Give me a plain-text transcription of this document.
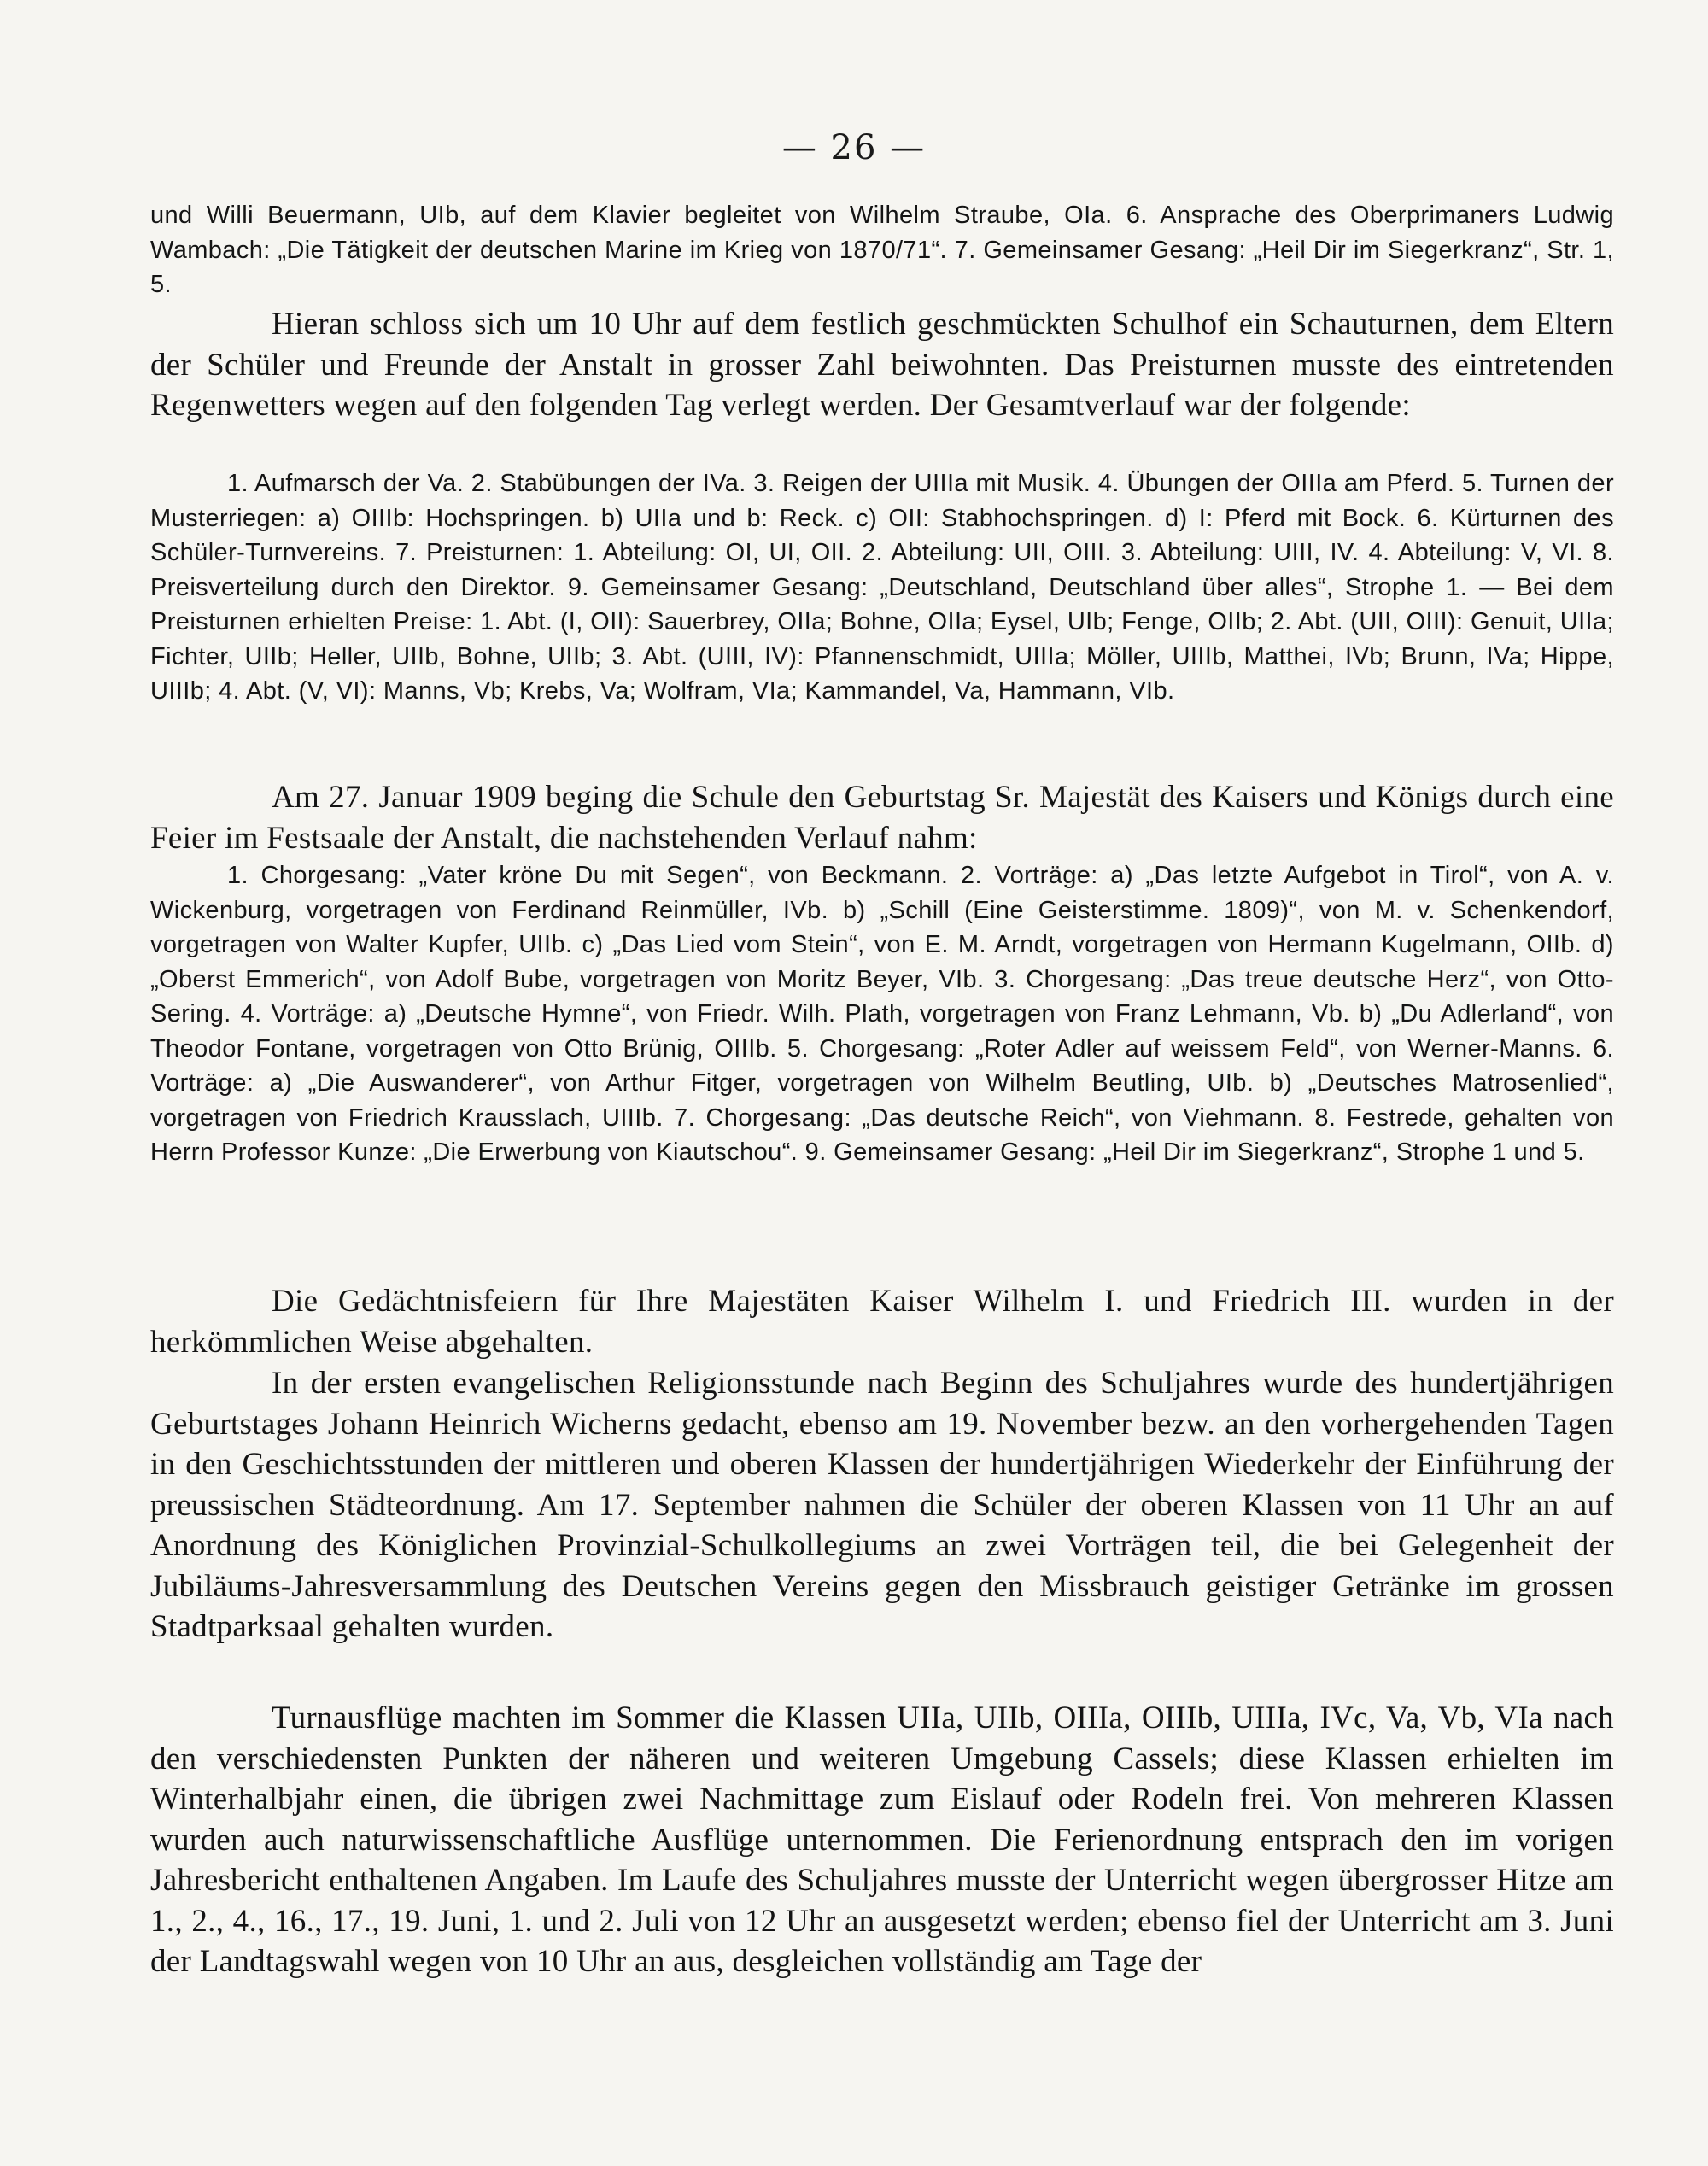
— 26 —

und Willi Beuermann, UIb, auf dem Klavier begleitet von Wilhelm Straube, OIa. 6. Ansprache des Oberprimaners Ludwig Wambach: „Die Tätigkeit der deutschen Marine im Krieg von 1870/71“. 7. Gemeinsamer Gesang: „Heil Dir im Siegerkranz“, Str. 1, 5.

Hieran schloss sich um 10 Uhr auf dem festlich geschmückten Schulhof ein Schauturnen, dem Eltern der Schüler und Freunde der Anstalt in grosser Zahl beiwohnten. Das Preisturnen musste des eintretenden Regenwetters wegen auf den folgenden Tag verlegt werden. Der Gesamtverlauf war der folgende:

1. Aufmarsch der Va. 2. Stabübungen der IVa. 3. Reigen der UIIIa mit Musik. 4. Übungen der OIIIa am Pferd. 5. Turnen der Musterriegen: a) OIIIb: Hochspringen. b) UIIa und b: Reck. c) OII: Stabhochspringen. d) I: Pferd mit Bock. 6. Kürturnen des Schüler-Turnvereins. 7. Preisturnen: 1. Abteilung: OI, UI, OII. 2. Abteilung: UII, OIII. 3. Abteilung: UIII, IV. 4. Abteilung: V, VI. 8. Preisverteilung durch den Direktor. 9. Gemeinsamer Gesang: „Deutschland, Deutschland über alles“, Strophe 1. — Bei dem Preisturnen erhielten Preise: 1. Abt. (I, OII): Sauerbrey, OIIa; Bohne, OIIa; Eysel, UIb; Fenge, OIIb; 2. Abt. (UII, OIII): Genuit, UIIa; Fichter, UIIb; Heller, UIIb, Bohne, UIIb; 3. Abt. (UIII, IV): Pfannenschmidt, UIIIa; Möller, UIIIb, Matthei, IVb; Brunn, IVa; Hippe, UIIIb; 4. Abt. (V, VI): Manns, Vb; Krebs, Va; Wolfram, VIa; Kammandel, Va, Hammann, VIb.

Am 27. Januar 1909 beging die Schule den Geburtstag Sr. Majestät des Kaisers und Königs durch eine Feier im Festsaale der Anstalt, die nachstehenden Verlauf nahm:

1. Chorgesang: „Vater kröne Du mit Segen“, von Beckmann. 2. Vorträge: a) „Das letzte Aufgebot in Tirol“, von A. v. Wickenburg, vorgetragen von Ferdinand Reinmüller, IVb. b) „Schill (Eine Geisterstimme. 1809)“, von M. v. Schenkendorf, vorgetragen von Walter Kupfer, UIIb. c) „Das Lied vom Stein“, von E. M. Arndt, vorgetragen von Hermann Kugelmann, OIIb. d) „Oberst Emmerich“, von Adolf Bube, vorgetragen von Moritz Beyer, VIb. 3. Chorgesang: „Das treue deutsche Herz“, von Otto-Sering. 4. Vorträge: a) „Deutsche Hymne“, von Friedr. Wilh. Plath, vorgetragen von Franz Lehmann, Vb. b) „Du Adlerland“, von Theodor Fontane, vorgetragen von Otto Brünig, OIIIb. 5. Chorgesang: „Roter Adler auf weissem Feld“, von Werner-Manns. 6. Vorträge: a) „Die Auswanderer“, von Arthur Fitger, vorgetragen von Wilhelm Beutling, UIb. b) „Deutsches Matrosenlied“, vorgetragen von Friedrich Krausslach, UIIIb. 7. Chorgesang: „Das deutsche Reich“, von Viehmann. 8. Festrede, gehalten von Herrn Professor Kunze: „Die Erwerbung von Kiautschou“. 9. Gemeinsamer Gesang: „Heil Dir im Siegerkranz“, Strophe 1 und 5.

Die Gedächtnisfeiern für Ihre Majestäten Kaiser Wilhelm I. und Friedrich III. wurden in der herkömmlichen Weise abgehalten.

In der ersten evangelischen Religionsstunde nach Beginn des Schuljahres wurde des hundertjährigen Geburtstages Johann Heinrich Wicherns gedacht, ebenso am 19. November bezw. an den vorhergehenden Tagen in den Geschichtsstunden der mittleren und oberen Klassen der hundertjährigen Wiederkehr der Einführung der preussischen Städteordnung. Am 17. September nahmen die Schüler der oberen Klassen von 11 Uhr an auf Anordnung des Königlichen Provinzial-Schulkollegiums an zwei Vorträgen teil, die bei Gelegenheit der Jubiläums-Jahresversammlung des Deutschen Vereins gegen den Missbrauch geistiger Getränke im grossen Stadtparksaal gehalten wurden.

Turnausflüge machten im Sommer die Klassen UIIa, UIIb, OIIIa, OIIIb, UIIIa, IVc, Va, Vb, VIa nach den verschiedensten Punkten der näheren und weiteren Umgebung Cassels; diese Klassen erhielten im Winterhalbjahr einen, die übrigen zwei Nachmittage zum Eislauf oder Rodeln frei. Von mehreren Klassen wurden auch naturwissenschaftliche Ausflüge unternommen. Die Ferienordnung entsprach den im vorigen Jahresbericht enthaltenen Angaben. Im Laufe des Schuljahres musste der Unterricht wegen übergrosser Hitze am 1., 2., 4., 16., 17., 19. Juni, 1. und 2. Juli von 12 Uhr an ausgesetzt werden; ebenso fiel der Unterricht am 3. Juni der Landtagswahl wegen von 10 Uhr an aus, desgleichen vollständig am Tage der
